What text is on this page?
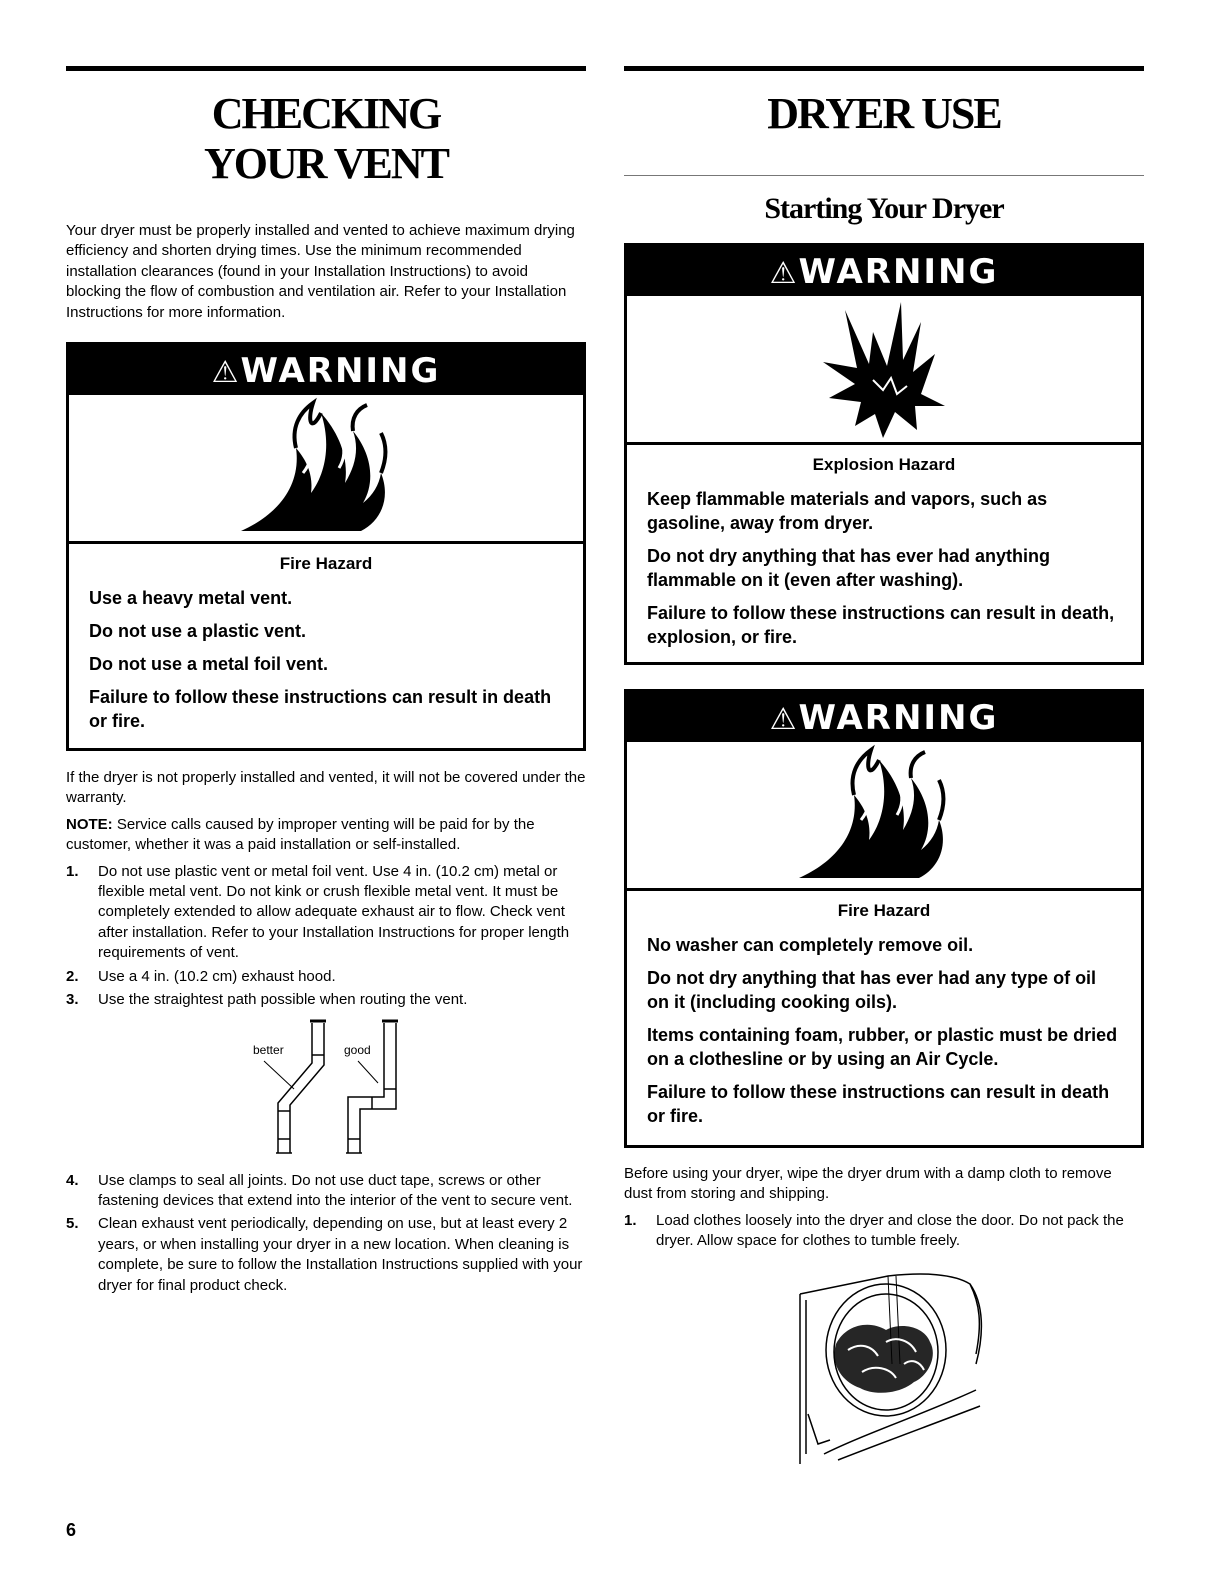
CHECKING
YOUR VENT

Your dryer must be properly installed and vented to achieve maximum drying efficiency and shorten drying times. Use the minimum recommended installation clearances (found in your Installation Instructions) to avoid blocking the flow of combustion and ventilation air. Refer to your Installation Instructions for more information.

⚠WARNING

Fire Hazard

Use a heavy metal vent.

Do not use a plastic vent.

Do not use a metal foil vent.

Failure to follow these instructions can result in death or fire.

If the dryer is not properly installed and vented, it will not be covered under the warranty.

NOTE: Service calls caused by improper venting will be paid for by the customer, whether it was a paid installation or self-installed.

1. Do not use plastic vent or metal foil vent. Use 4 in. (10.2 cm) metal or flexible metal vent. Do not kink or crush flexible metal vent. It must be completely extended to allow adequate exhaust air to flow. Check vent after installation. Refer to your Installation Instructions for proper length requirements of vent.
2. Use a 4 in. (10.2 cm) exhaust hood.
3. Use the straightest path possible when routing the vent.
better	good
4. Use clamps to seal all joints. Do not use duct tape, screws or other fastening devices that extend into the interior of the vent to secure vent.
5. Clean exhaust vent periodically, depending on use, but at least every 2 years, or when installing your dryer in a new location. When cleaning is complete, be sure to follow the Installation Instructions supplied with your dryer for final product check.
DRYER USE
Starting Your Dryer
⚠WARNING

Explosion Hazard

Keep flammable materials and vapors, such as gasoline, away from dryer.

Do not dry anything that has ever had anything flammable on it (even after washing).

Failure to follow these instructions can result in death, explosion, or fire.

⚠WARNING

Fire Hazard

No washer can completely remove oil.

Do not dry anything that has ever had any type of oil on it (including cooking oils).

Items containing foam, rubber, or plastic must be dried on a clothesline or by using an Air Cycle.

Failure to follow these instructions can result in death or fire.

Before using your dryer, wipe the dryer drum with a damp cloth to remove dust from storing and shipping.

1. Load clothes loosely into the dryer and close the door. Do not pack the dryer. Allow space for clothes to tumble freely.
6
